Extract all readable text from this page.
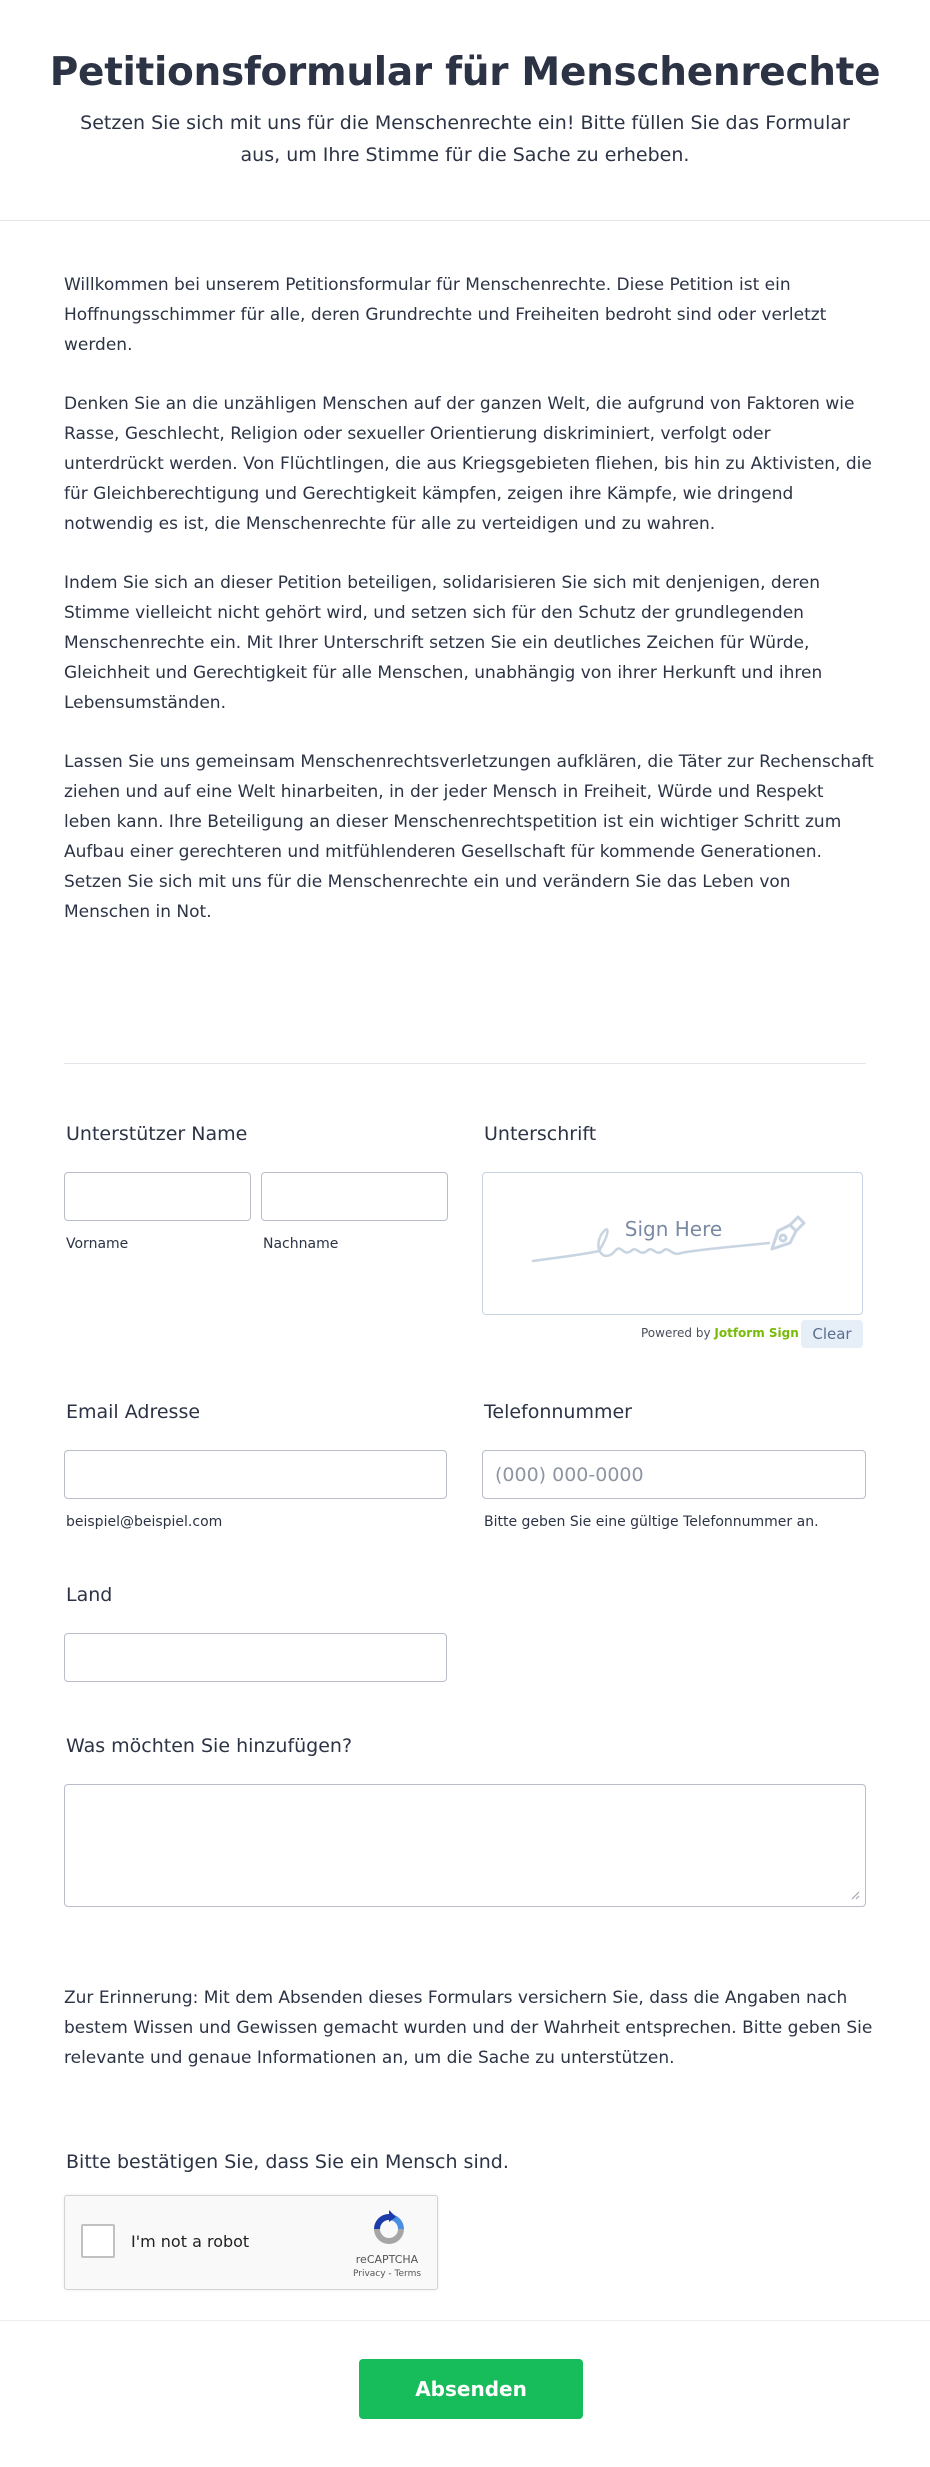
Petitionsformular für Menschenrechte
Setzen Sie sich mit uns für die Menschenrechte ein! Bitte füllen Sie das Formular aus, um Ihre Stimme für die Sache zu erheben.

Willkommen bei unserem Petitionsformular für Menschenrechte. Diese Petition ist ein Hoffnungsschimmer für alle, deren Grundrechte und Freiheiten bedroht sind oder verletzt werden.

Denken Sie an die unzähligen Menschen auf der ganzen Welt, die aufgrund von Faktoren wie Rasse, Geschlecht, Religion oder sexueller Orientierung diskriminiert, verfolgt oder unterdrückt werden. Von Flüchtlingen, die aus Kriegsgebieten fliehen, bis hin zu Aktivisten, die für Gleichberechtigung und Gerechtigkeit kämpfen, zeigen ihre Kämpfe, wie dringend notwendig es ist, die Menschenrechte für alle zu verteidigen und zu wahren.

Indem Sie sich an dieser Petition beteiligen, solidarisieren Sie sich mit denjenigen, deren Stimme vielleicht nicht gehört wird, und setzen sich für den Schutz der grundlegenden Menschenrechte ein. Mit Ihrer Unterschrift setzen Sie ein deutliches Zeichen für Würde, Gleichheit und Gerechtigkeit für alle Menschen, unabhängig von ihrer Herkunft und ihren Lebensumständen.

Lassen Sie uns gemeinsam Menschenrechtsverletzungen aufklären, die Täter zur Rechenschaft ziehen und auf eine Welt hinarbeiten, in der jeder Mensch in Freiheit, Würde und Respekt leben kann. Ihre Beteiligung an dieser Menschenrechtspetition ist ein wichtiger Schritt zum Aufbau einer gerechteren und mitfühlenderen Gesellschaft für kommende Generationen. Setzen Sie sich mit uns für die Menschenrechte ein und verändern Sie das Leben von Menschen in Not.

Unterstützer Name
Vorname	Nachname
Unterschrift
Sign Here
Powered by Jotform Sign Clear
Email Adresse
beispiel@beispiel.com
Telefonnummer
(000) 000-0000
Bitte geben Sie eine gültige Telefonnummer an.
Land
Was möchten Sie hinzufügen?
Zur Erinnerung: Mit dem Absenden dieses Formulars versichern Sie, dass die Angaben nach bestem Wissen und Gewissen gemacht wurden und der Wahrheit entsprechen. Bitte geben Sie relevante und genaue Informationen an, um die Sache zu unterstützen.
Bitte bestätigen Sie, dass Sie ein Mensch sind.
I'm not a robot
reCAPTCHA
Privacy - Terms
Absenden
